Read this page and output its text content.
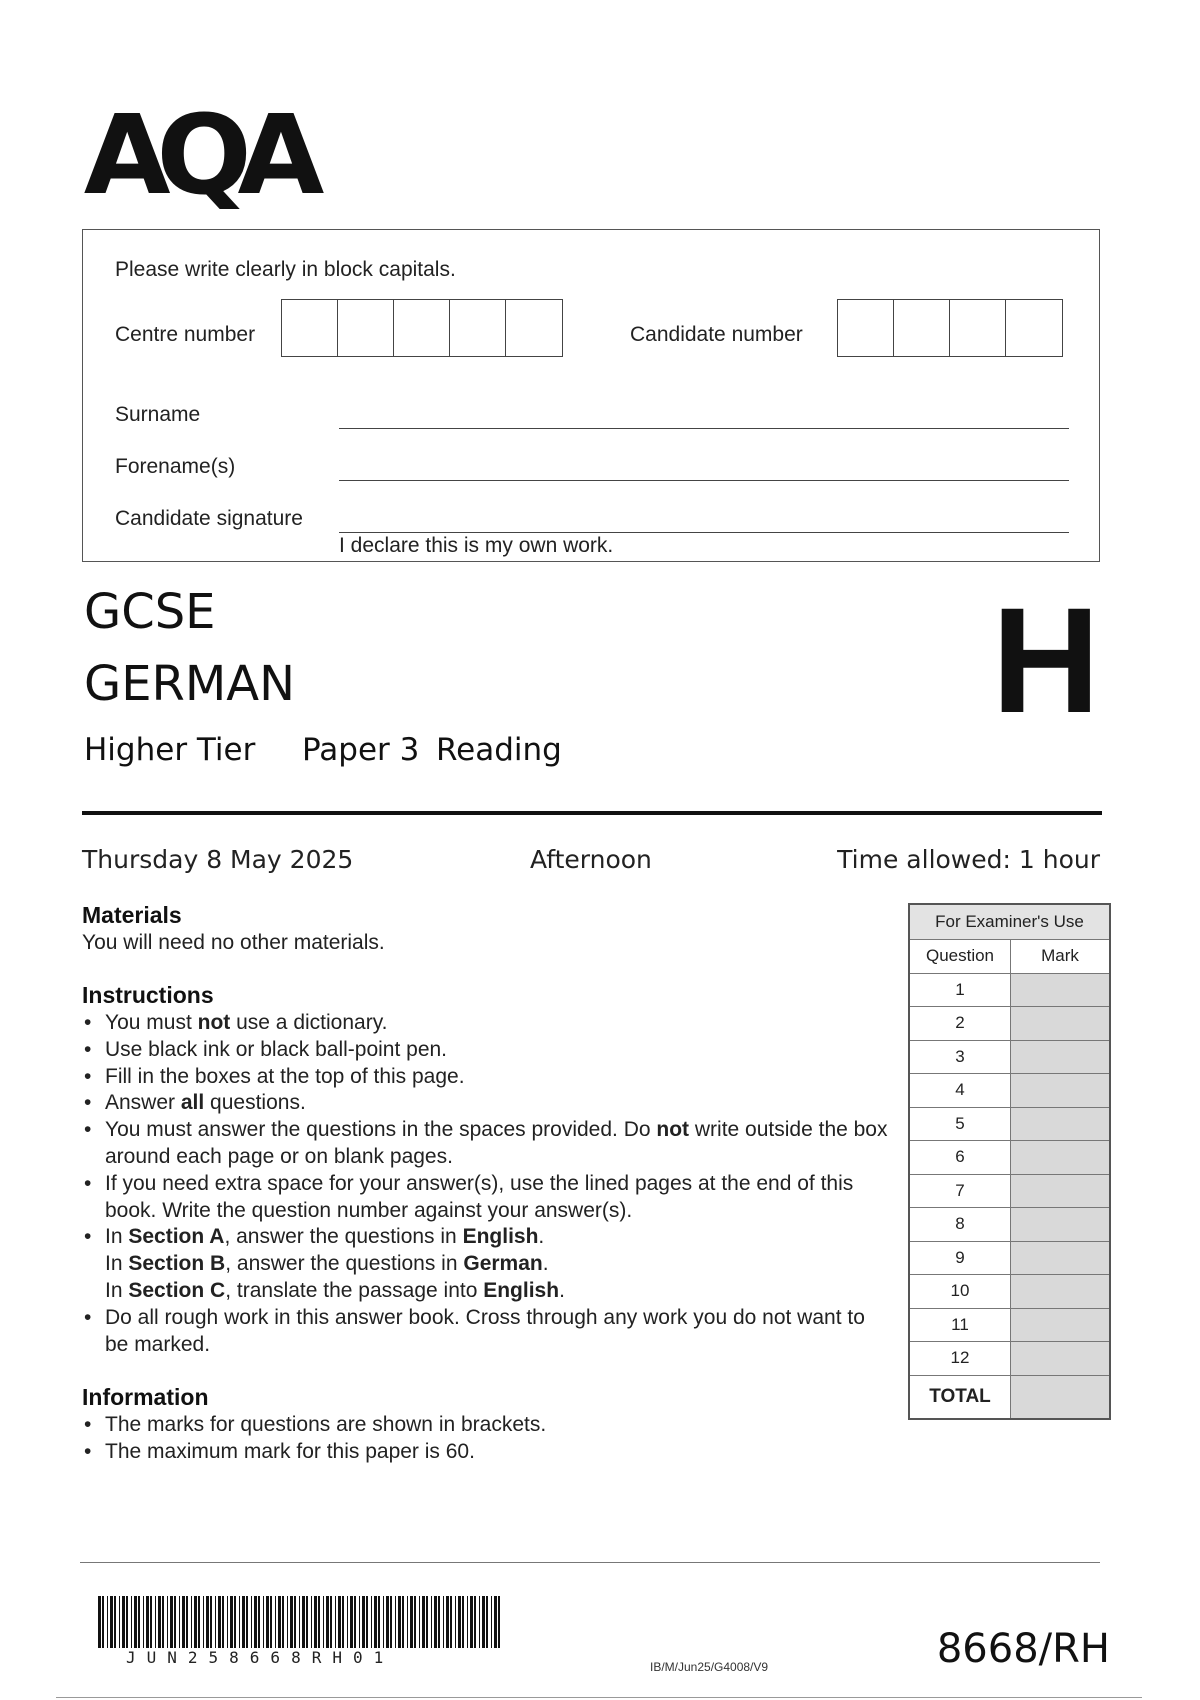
AQA
Please write clearly in block capitals.
Centre number	Candidate number
Surname
Forename(s)
Candidate signature
I declare this is my own work.
GCSE
GERMAN
Higher Tier Paper 3 Reading
H
Thursday 8 May 2025	Afternoon	Time allowed: 1 hour
Materials
You will need no other materials.
Instructions
• You must not use a dictionary.
• Use black ink or black ball-point pen.
• Fill in the boxes at the top of this page.
• Answer all questions.
• You must answer the questions in the spaces provided. Do not write outside the box around each page or on blank pages.
• If you need extra space for your answer(s), use the lined pages at the end of this book. Write the question number against your answer(s).
• In Section A, answer the questions in English.
In Section B, answer the questions in German.
In Section C, translate the passage into English.
• Do all rough work in this answer book. Cross through any work you do not want to be marked.
Information
• The marks for questions are shown in brackets.
• The maximum mark for this paper is 60.
For Examiner's Use	
Question	Mark
1	
2	
3	
4	
5	
6	
7	
8	
9	
10	
11	
12	
TOTAL	
JUN258668RH01	IB/M/Jun25/G4008/V9	8668/RH
